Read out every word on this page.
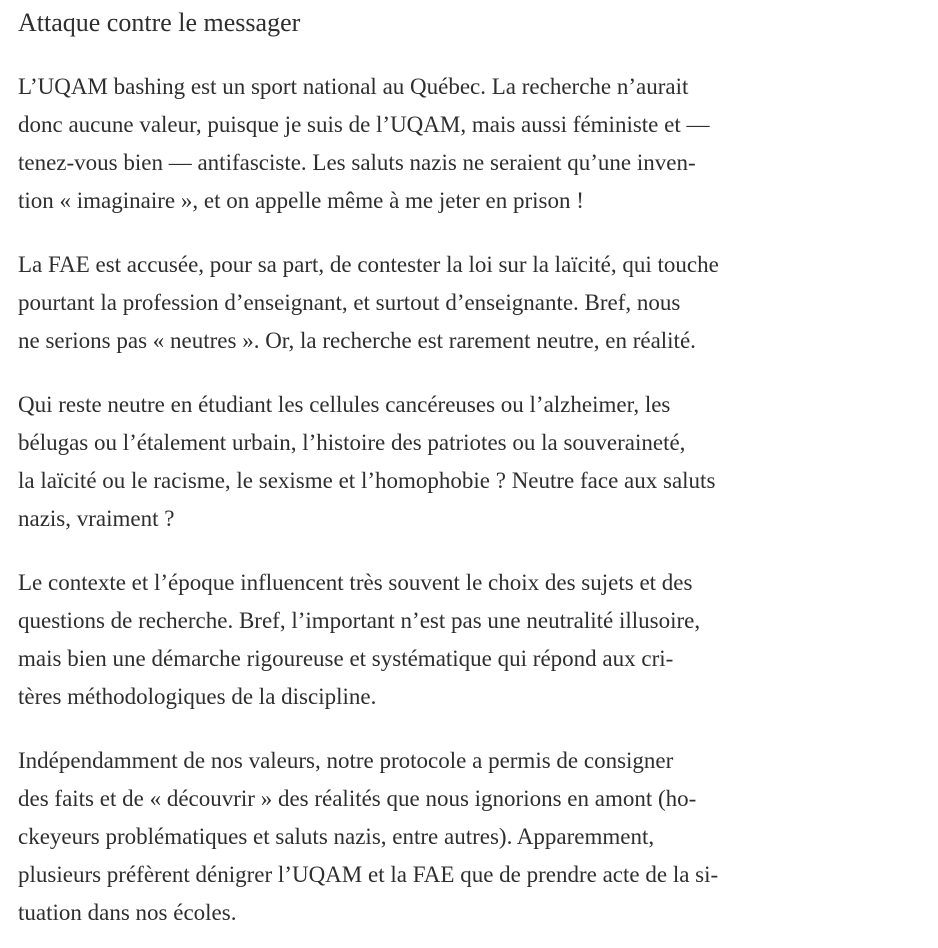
Attaque contre le messager

L’UQAM bashing est un sport national au Québec. La recherche n’aurait
donc aucune valeur, puisque je suis de l’UQAM, mais aussi féministe et —
tenez-vous bien — antifasciste. Les saluts nazis ne seraient qu’une inven-
tion « imaginaire », et on appelle même à me jeter en prison !

La FAE est accusée, pour sa part, de contester la loi sur la laïcité, qui touche
pourtant la profession d’enseignant, et surtout d’enseignante. Bref, nous
ne serions pas « neutres ». Or, la recherche est rarement neutre, en réalité.

Qui reste neutre en étudiant les cellules cancéreuses ou l’alzheimer, les
bélugas ou l’étalement urbain, l’histoire des patriotes ou la souveraineté,
la laïcité ou le racisme, le sexisme et l’homophobie ? Neutre face aux saluts
nazis, vraiment ?

Le contexte et l’époque influencent très souvent le choix des sujets et des
questions de recherche. Bref, l’important n’est pas une neutralité illusoire,
mais bien une démarche rigoureuse et systématique qui répond aux cri-
tères méthodologiques de la discipline.

Indépendamment de nos valeurs, notre protocole a permis de consigner
des faits et de « découvrir » des réalités que nous ignorions en amont (ho-
ckeyeurs problématiques et saluts nazis, entre autres). Apparemment,
plusieurs préfèrent dénigrer l’UQAM et la FAE que de prendre acte de la si-
tuation dans nos écoles.
